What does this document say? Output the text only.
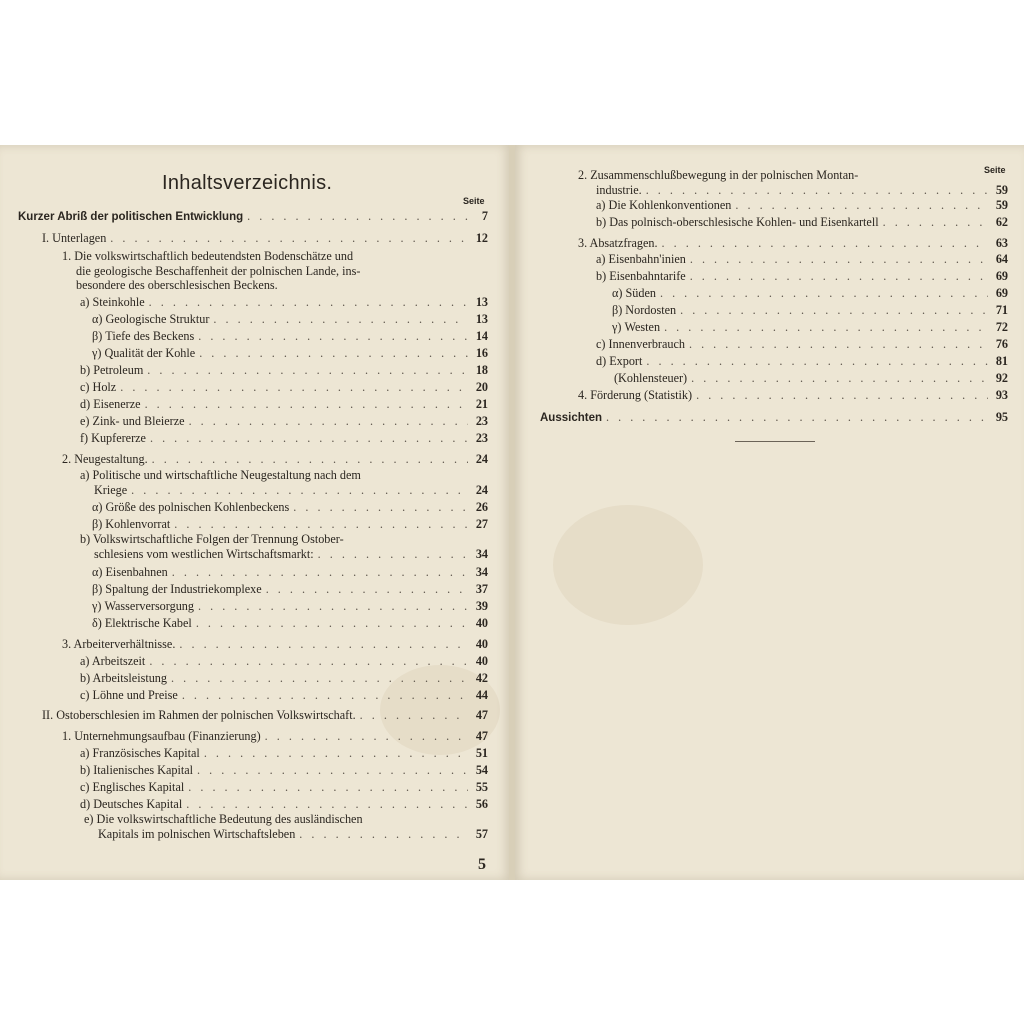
Inhaltsverzeichnis.
Seite
Seite
Kurzer Abriß der politischen Entwicklung . . .	7
I. Unterlagen . . .	12
1. Die volkswirtschaftlich bedeutendsten Bodenschätze und
die geologische Beschaffenheit der polnischen Lande, ins-
besondere des oberschlesischen Beckens.
a) Steinkohle . . .	13
α) Geologische Struktur . . .	13
β) Tiefe des Beckens . . .	14
γ) Qualität der Kohle . . .	16
b) Petroleum . . .	18
c) Holz . . .	20
d) Eisenerze . . .	21
e) Zink- und Bleierze . . .	23
f) Kupfererze . . .	23
2. Neugestaltung. . . .	24
a) Politische und wirtschaftliche Neugestaltung nach dem
Kriege . . .	24
α) Größe des polnischen Kohlenbeckens . . .	26
β) Kohlenvorrat . . .	27
b) Volkswirtschaftliche Folgen der Trennung Ostober-
schlesiens vom westlichen Wirtschaftsmarkt: . . .	34
α) Eisenbahnen . . .	34
β) Spaltung der Industriekomplexe . . .	37
γ) Wasserversorgung . . .	39
δ) Elektrische Kabel . . .	40
3. Arbeiterverhältnisse. . . .	40
a) Arbeitszeit . . .	40
b) Arbeitsleistung . . .	42
c) Löhne und Preise . . .	44
II. Ostoberschlesien im Rahmen der polnischen Volkswirtschaft. . . .	47
1. Unternehmungsaufbau (Finanzierung) . . .	47
a) Französisches Kapital . . .	51
b) Italienisches Kapital . . .	54
c) Englisches Kapital . . .	55
d) Deutsches Kapital . . .	56
e) Die volkswirtschaftliche Bedeutung des ausländischen
Kapitals im polnischen Wirtschaftsleben . . .	57
5
2. Zusammenschlußbewegung in der polnischen Montan-
industrie. . . .	59
a) Die Kohlenkonventionen . . .	59
b) Das polnisch-oberschlesische Kohlen- und Eisenkartell . . .	62
3. Absatzfragen. . . .	63
a) Eisenbahn'inien . . .	64
b) Eisenbahntarife . . .	69
α) Süden . . .	69
β) Nordosten . . .	71
γ) Westen . . .	72
c) Innenverbrauch . . .	76
d) Export . . .	81
(Kohlensteuer) . . .	92
4. Förderung (Statistik) . . .	93
Aussichten . . .	95
